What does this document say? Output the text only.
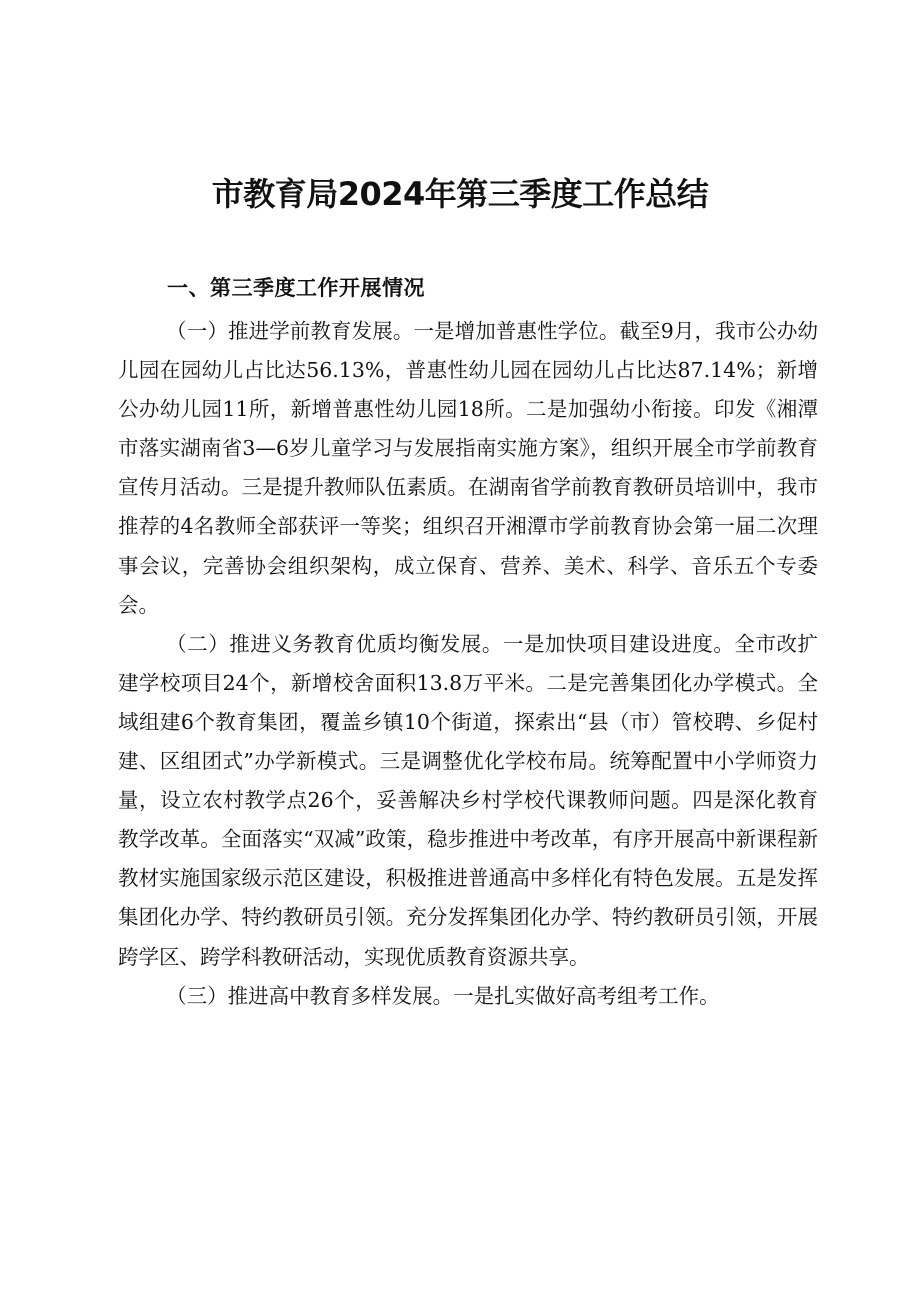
市教育局2024年第三季度工作总结
一、第三季度工作开展情况

（一）推进学前教育发展。一是增加普惠性学位。截至9月，我市公办幼儿园在园幼儿占比达56.13%，普惠性幼儿园在园幼儿占比达87.14%；新增公办幼儿园11所，新增普惠性幼儿园18所。二是加强幼小衔接。印发《湘潭市落实湖南省3—6岁儿童学习与发展指南实施方案》，组织开展全市学前教育宣传月活动。三是提升教师队伍素质。在湖南省学前教育教研员培训中，我市推荐的4名教师全部获评一等奖；组织召开湘潭市学前教育协会第一届二次理事会议，完善协会组织架构，成立保育、营养、美术、科学、音乐五个专委会。

（二）推进义务教育优质均衡发展。一是加快项目建设进度。全市改扩建学校项目24个，新增校舍面积13.8万平米。二是完善集团化办学模式。全域组建6个教育集团，覆盖乡镇10个街道，探索出“县（市）管校聘、乡促村建、区组团式”办学新模式。三是调整优化学校布局。统筹配置中小学师资力量，设立农村教学点26个，妥善解决乡村学校代课教师问题。四是深化教育教学改革。全面落实“双减”政策，稳步推进中考改革，有序开展高中新课程新教材实施国家级示范区建设，积极推进普通高中多样化有特色发展。五是发挥集团化办学、特约教研员引领。充分发挥集团化办学、特约教研员引领，开展跨学区、跨学科教研活动，实现优质教育资源共享。

（三）推进高中教育多样发展。一是扎实做好高考组考工作。
